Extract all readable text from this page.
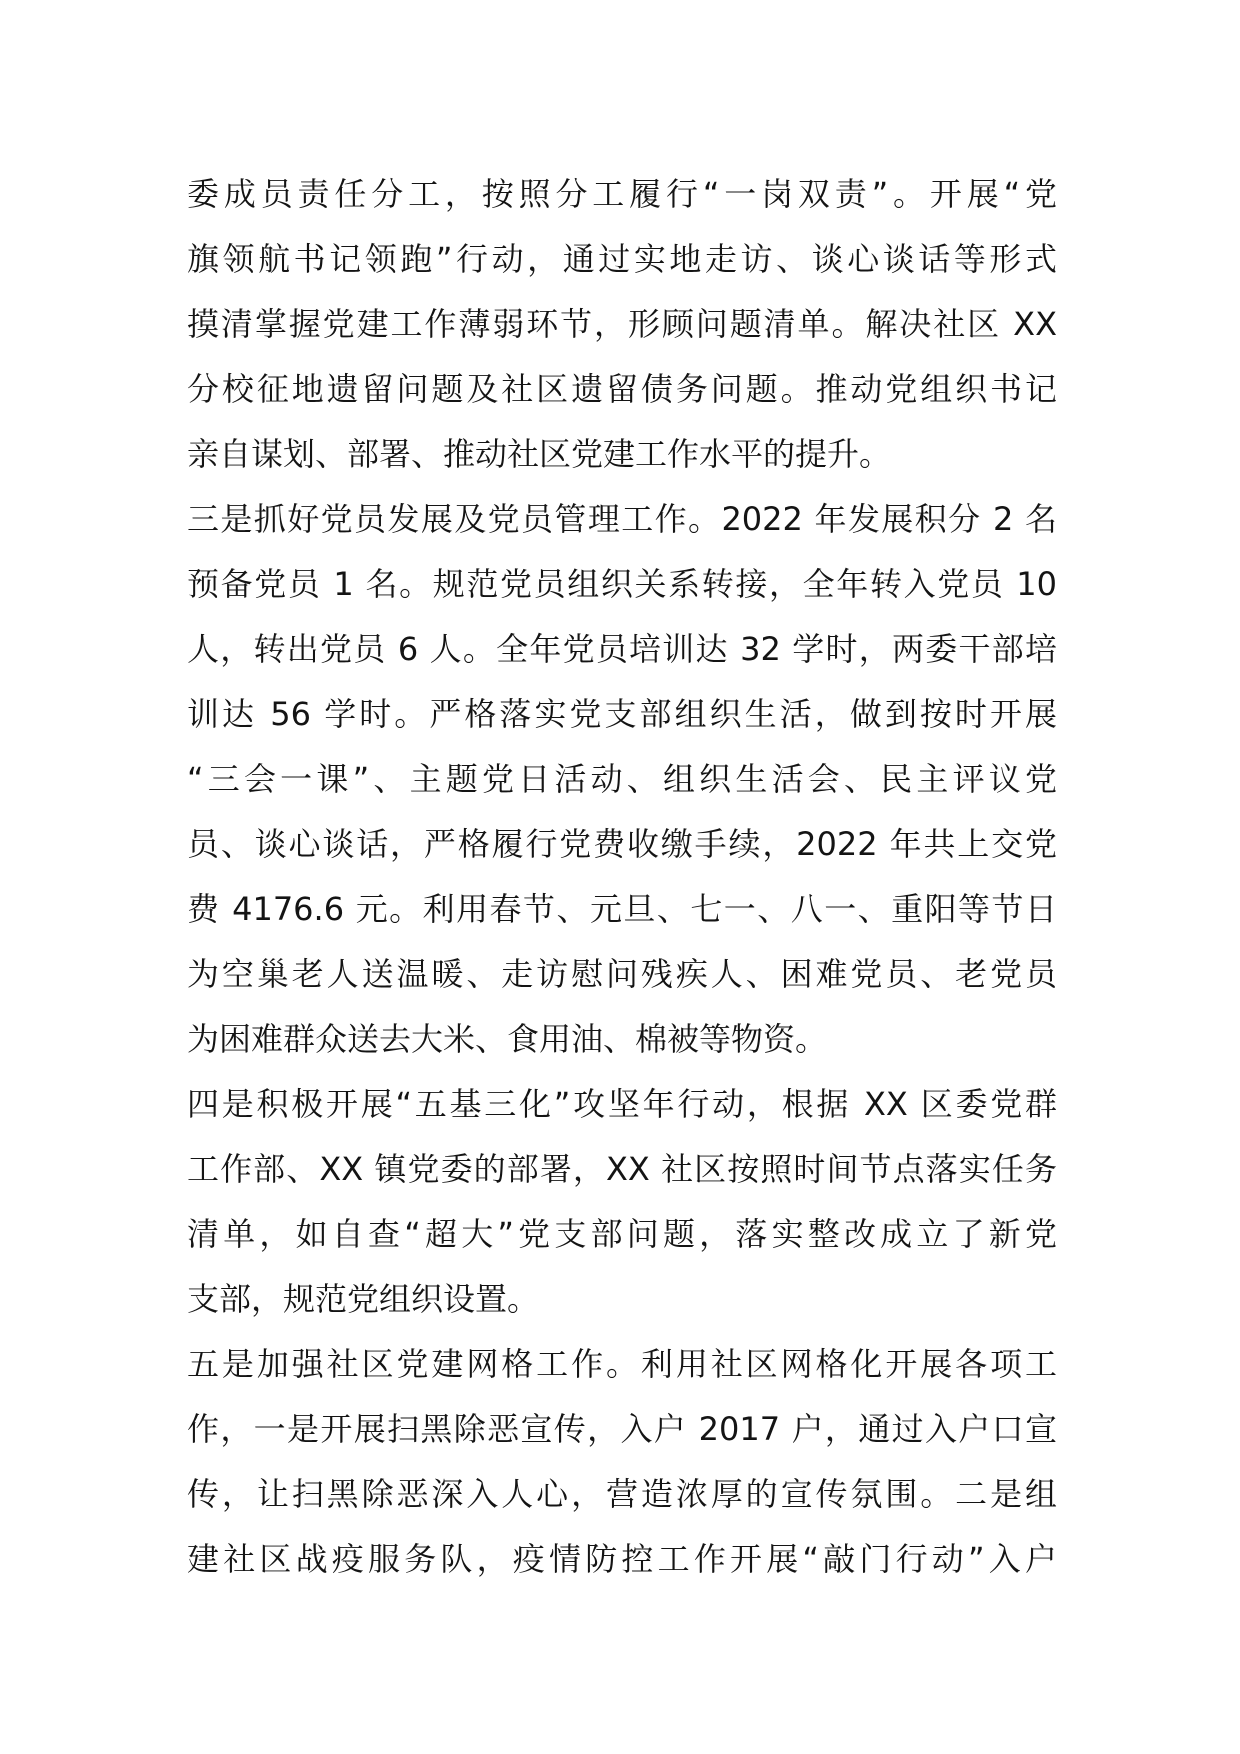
委成员责任分工，按照分工履行“一岗双责”。开展“党
旗领航书记领跑”行动，通过实地走访、谈心谈话等形式
摸清掌握党建工作薄弱环节，形顾问题清单。解决社区 XX
分校征地遗留问题及社区遗留债务问题。推动党组织书记
亲自谋划、部署、推动社区党建工作水平的提升。
三是抓好党员发展及党员管理工作。2022 年发展积分 2 名
预备党员 1 名。规范党员组织关系转接，全年转入党员 10
人，转出党员 6 人。全年党员培训达 32 学时，两委干部培
训达 56 学时。严格落实党支部组织生活，做到按时开展
“三会一课”、主题党日活动、组织生活会、民主评议党
员、谈心谈话，严格履行党费收缴手续，2022 年共上交党
费 4176.6 元。利用春节、元旦、七一、八一、重阳等节日
为空巢老人送温暖、走访慰问残疾人、困难党员、老党员
为困难群众送去大米、食用油、棉被等物资。
四是积极开展“五基三化”攻坚年行动，根据 XX 区委党群
工作部、XX 镇党委的部署，XX 社区按照时间节点落实任务
清单，如自查“超大”党支部问题，落实整改成立了新党
支部，规范党组织设置。
五是加强社区党建网格工作。利用社区网格化开展各项工
作，一是开展扫黑除恶宣传，入户 2017 户，通过入户口宣
传，让扫黑除恶深入人心，营造浓厚的宣传氛围。二是组
建社区战疫服务队，疫情防控工作开展“敲门行动”入户
